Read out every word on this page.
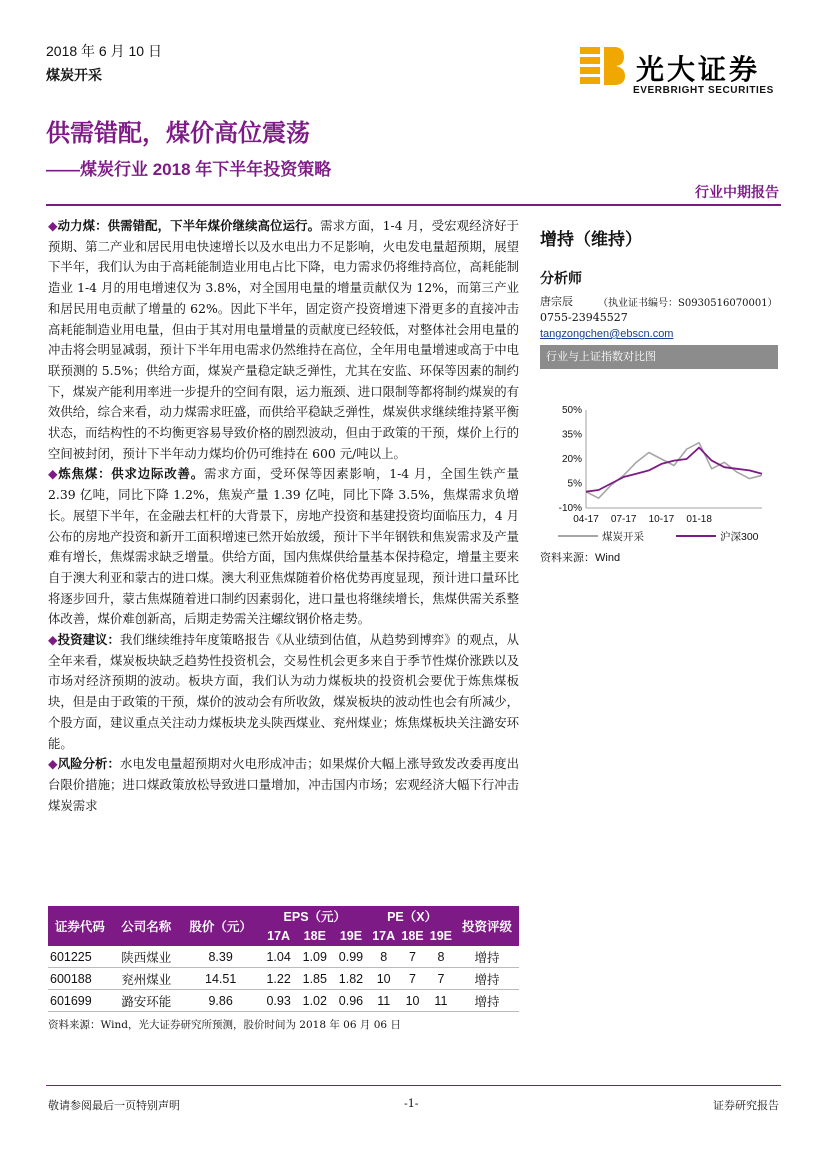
2018 年 6 月 10 日
煤炭开采	光大证券
EVERBRIGHT SECURITIES
供需错配，煤价高位震荡
——煤炭行业 2018 年下半年投资策略
行业中期报告

◆动力煤：供需错配，下半年煤价继续高位运行。需求方面，1-4 月，受宏观经济好于预期、第二产业和居民用电快速增长以及水电出力不足影响，火电发电量超预期，展望下半年，我们认为由于高耗能制造业用电占比下降，电力需求仍将维持高位，高耗能制造业 1-4 月的用电增速仅为 3.8%，对全国用电量的增量贡献仅为 12%，而第三产业和居民用电贡献了增量的 62%。因此下半年，固定资产投资增速下滑更多的直接冲击高耗能制造业用电量，但由于其对用电量增量的贡献度已经较低，对整体社会用电量的冲击将会明显减弱，预计下半年用电需求仍然维持在高位，全年用电量增速或高于中电联预测的 5.5%；供给方面，煤炭产量稳定缺乏弹性，尤其在安监、环保等因素的制约下，煤炭产能利用率进一步提升的空间有限，运力瓶颈、进口限制等都将制约煤炭的有效供给，综合来看，动力煤需求旺盛，而供给平稳缺乏弹性，煤炭供求继续维持紧平衡状态，而结构性的不均衡更容易导致价格的剧烈波动，但由于政策的干预，煤价上行的空间被封闭，预计下半年动力煤均价仍可维持在 600 元/吨以上。

◆炼焦煤：供求边际改善。需求方面，受环保等因素影响，1-4 月，全国生铁产量 2.39 亿吨，同比下降 1.2%，焦炭产量 1.39 亿吨，同比下降 3.5%，焦煤需求负增长。展望下半年，在金融去杠杆的大背景下，房地产投资和基建投资均面临压力，4 月公布的房地产投资和新开工面积增速已然开始放缓，预计下半年钢铁和焦炭需求及产量难有增长，焦煤需求缺乏增量。供给方面，国内焦煤供给量基本保持稳定，增量主要来自于澳大利亚和蒙古的进口煤。澳大利亚焦煤随着价格优势再度显现，预计进口量环比将逐步回升，蒙古焦煤随着进口制约因素弱化，进口量也将继续增长，焦煤供需关系整体改善，煤价难创新高，后期走势需关注螺纹钢价格走势。

◆投资建议：我们继续维持年度策略报告《从业绩到估值，从趋势到博弈》的观点，从全年来看，煤炭板块缺乏趋势性投资机会，交易性机会更多来自于季节性煤价涨跌以及市场对经济预期的波动。板块方面，我们认为动力煤板块的投资机会要优于炼焦煤板块，但是由于政策的干预，煤价的波动会有所收敛，煤炭板块的波动性也会有所减少，个股方面，建议重点关注动力煤板块龙头陕西煤业、兖州煤业；炼焦煤板块关注潞安环能。

◆风险分析：水电发电量超预期对火电形成冲击；如果煤价大幅上涨导致发改委再度出台限价措施；进口煤政策放松导致进口量增加，冲击国内市场；宏观经济大幅下行冲击煤炭需求

增持（维持）
分析师
唐宗辰	（执业证书编号：S0930516070001）
0755-23945527
tangzongchen@ebscn.com
行业与上证指数对比图
50%
35%
20%
5%
-10%
04-17 07-17 10-17 01-18
煤炭开采	沪深300
资料来源：Wind
证券代码	公司名称	股价（元）	EPS（元）			PE（X）			投资评级
			17A	18E	19E	17A	18E	19E	
601225	陕西煤业	8.39	1.04	1.09	0.99	8	7	8	增持
600188	兖州煤业	14.51	1.22	1.85	1.82	10	7	7	增持
601699	潞安环能	9.86	0.93	1.02	0.96	11	10	11	增持
资料来源：Wind，光大证券研究所预测，股价时间为 2018 年 06 月 06 日
敬请参阅最后一页特别声明	-1-	证券研究报告
